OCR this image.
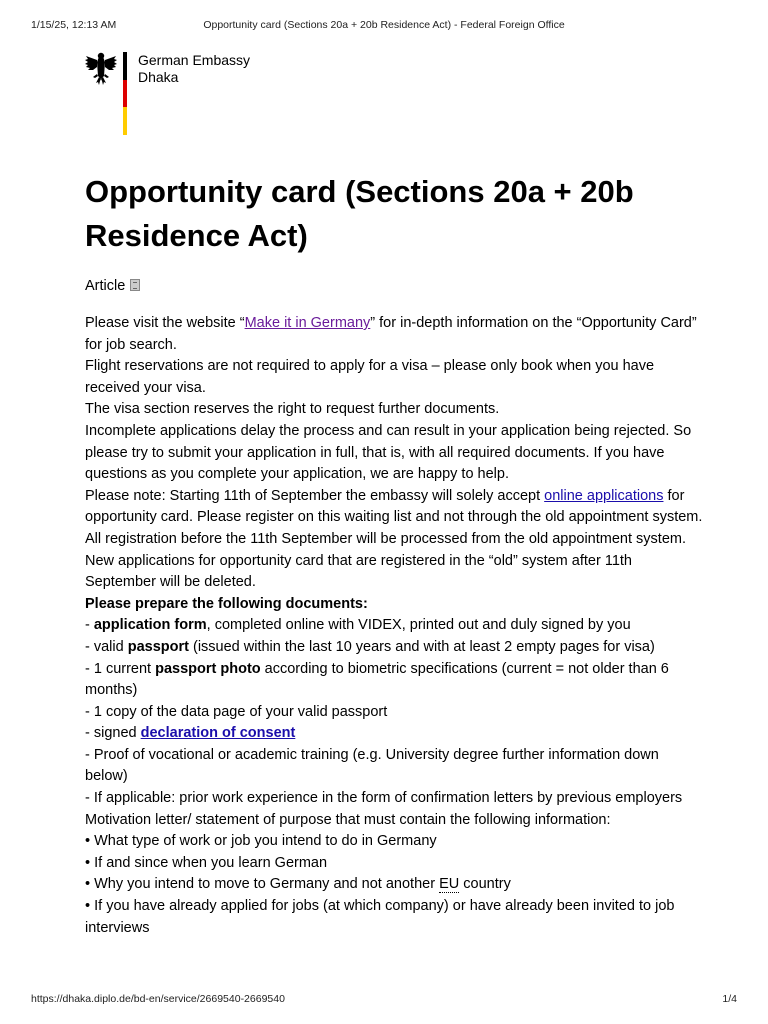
Opportunity card (Sections 20a + 20b Residence Act) - Federal Foreign Office
1/15/25, 12:13 AM
German Embassy
Dhaka
Opportunity card (Sections 20a + 20b Residence Act)
Article

Please visit the website “Make it in Germany” for in-depth information on the “Opportunity Card” for job search.

Flight reservations are not required to apply for a visa – please only book when you have received your visa.

The visa section reserves the right to request further documents.

Incomplete applications delay the process and can result in your application being rejected. So please try to submit your application in full, that is, with all required documents. If you have questions as you complete your application, we are happy to help.

Please note: Starting 11th of September the embassy will solely accept online applications for opportunity card. Please register on this waiting list and not through the old appointment system.

All registration before the 11th September will be processed from the old appointment system. New applications for opportunity card that are registered in the “old” system after 11th September will be deleted.

Please prepare the following documents:

- application form, completed online with VIDEX, printed out and duly signed by you

- valid passport (issued within the last 10 years and with at least 2 empty pages for visa)

- 1 current passport photo according to biometric specifications (current = not older than 6 months)

- 1 copy of the data page of your valid passport

- signed declaration of consent

- Proof of vocational or academic training (e.g. University degree further information down below)

- If applicable: prior work experience in the form of confirmation letters by previous employers

Motivation letter/ statement of purpose that must contain the following information:

• What type of work or job you intend to do in Germany

• If and since when you learn German

• Why you intend to move to Germany and not another EU country

• If you have already applied for jobs (at which company) or have already been invited to job interviews

https://dhaka.diplo.de/bd-en/service/2669540-2669540	1/4
